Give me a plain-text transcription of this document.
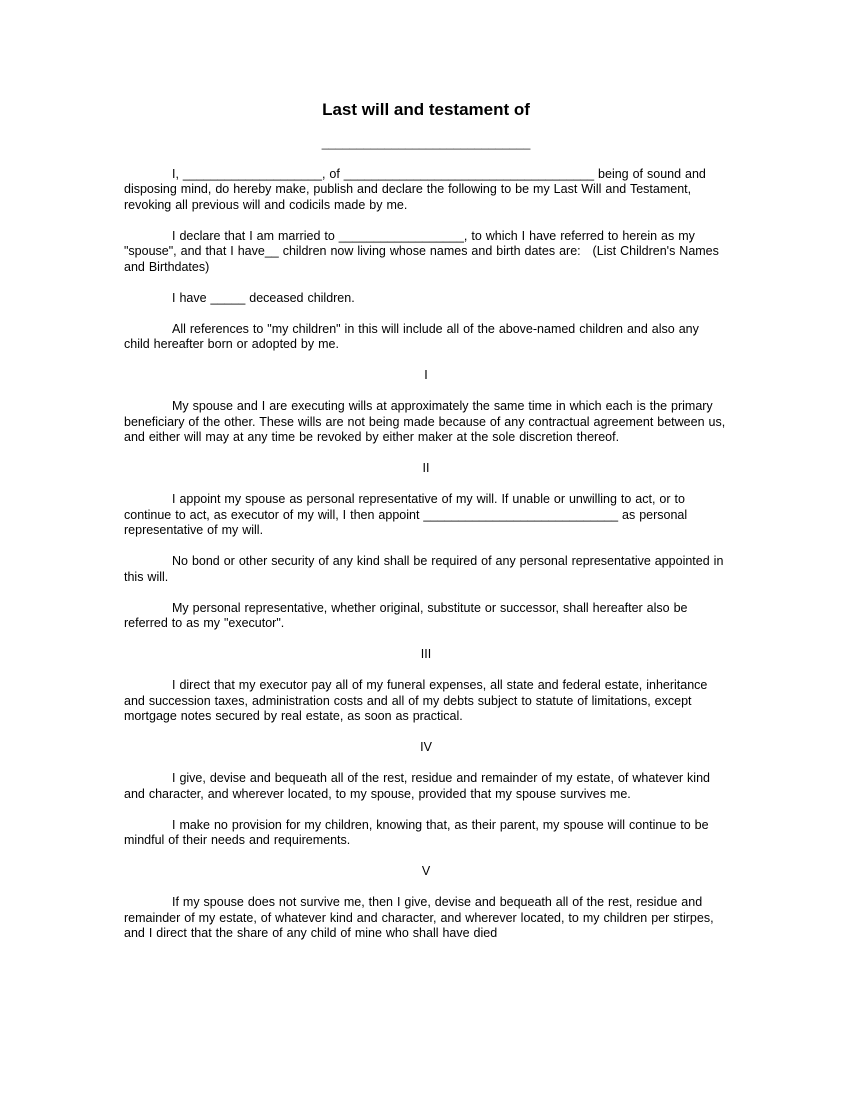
Last will and testament of

______________________________

I, ____________________, of ____________________________________ being of sound and disposing mind, do hereby make, publish and declare the following to be my Last Will and Testament, revoking all previous will and codicils made by me.

I declare that I am married to __________________, to which I have referred to herein as my "spouse", and that I have__ children now living whose names and birth dates are:   (List Children's Names and Birthdates)

I have _____ deceased children.

All references to "my children" in this will include all of the above-named children and also any child hereafter born or adopted by me.

I

My spouse and I are executing wills at approximately the same time in which each is the primary beneficiary of the other. These wills are not being made because of any contractual agreement between us, and either will may at any time be revoked by either maker at the sole discretion thereof.

II

I appoint my spouse as personal representative of my will. If unable or unwilling to act, or to continue to act, as executor of my will, I then appoint ____________________________ as personal representative of my will.

No bond or other security of any kind shall be required of any personal representative appointed in this will.

My personal representative, whether original, substitute or successor, shall hereafter also be referred to as my "executor".

III

I direct that my executor pay all of my funeral expenses, all state and federal estate, inheritance and succession taxes, administration costs and all of my debts subject to statute of limitations, except mortgage notes secured by real estate, as soon as practical.

IV

I give, devise and bequeath all of the rest, residue and remainder of my estate, of whatever kind and character, and wherever located, to my spouse, provided that my spouse survives me.

I make no provision for my children, knowing that, as their parent, my spouse will continue to be mindful of their needs and requirements.

V

If my spouse does not survive me, then I give, devise and bequeath all of the rest, residue and remainder of my estate, of whatever kind and character, and wherever located, to my children per stirpes, and I direct that the share of any child of mine who shall have died
